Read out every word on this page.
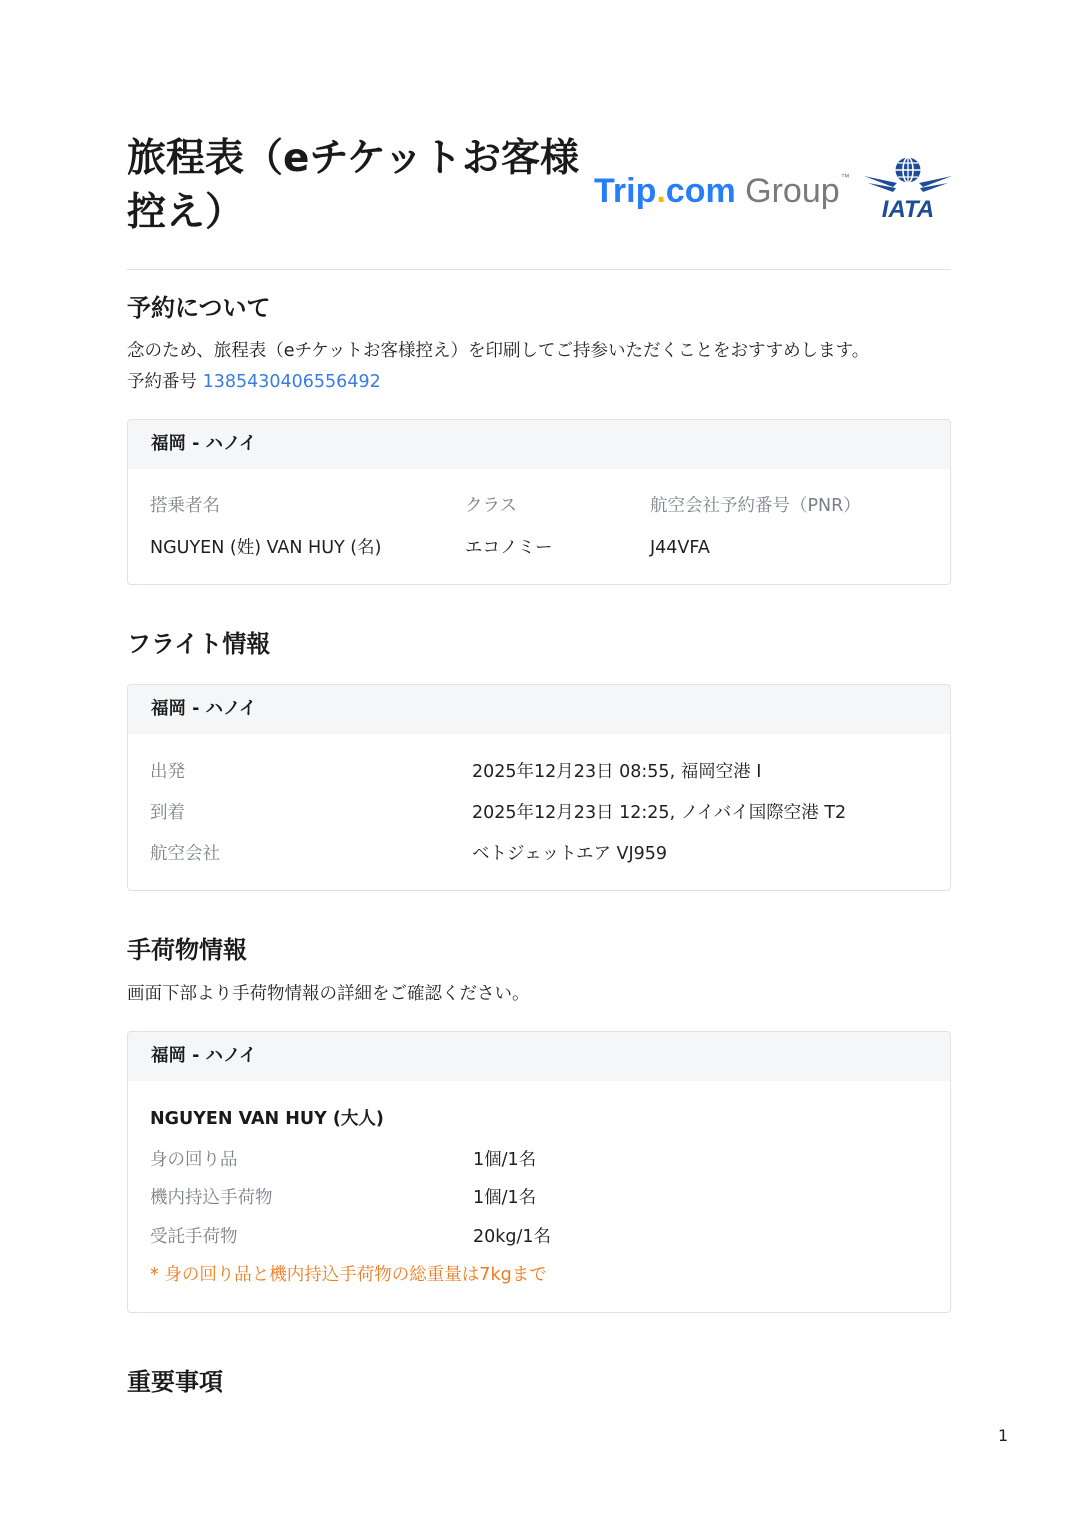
旅程表（eチケットお客様控え）	Trip.com Group™
IATA
予約について

念のため、旅程表（eチケットお客様控え）を印刷してご持参いただくことをおすすめします。

予約番号 1385430406556492

福岡 - ハノイ
搭乗者名	クラス	航空会社予約番号（PNR）
NGUYEN (姓) VAN HUY (名)	エコノミー	J44VFA
フライト情報
福岡 - ハノイ
出発	2025年12月23日 08:55, 福岡空港 I
到着	2025年12月23日 12:25, ノイバイ国際空港 T2
航空会社	ベトジェットエア VJ959
手荷物情報

画面下部より手荷物情報の詳細をご確認ください。

福岡 - ハノイ
NGUYEN VAN HUY (大人)
身の回り品	1個/1名
機内持込手荷物	1個/1名
受託手荷物	20kg/1名
* 身の回り品と機内持込手荷物の総重量は7kgまで
重要事項
1
